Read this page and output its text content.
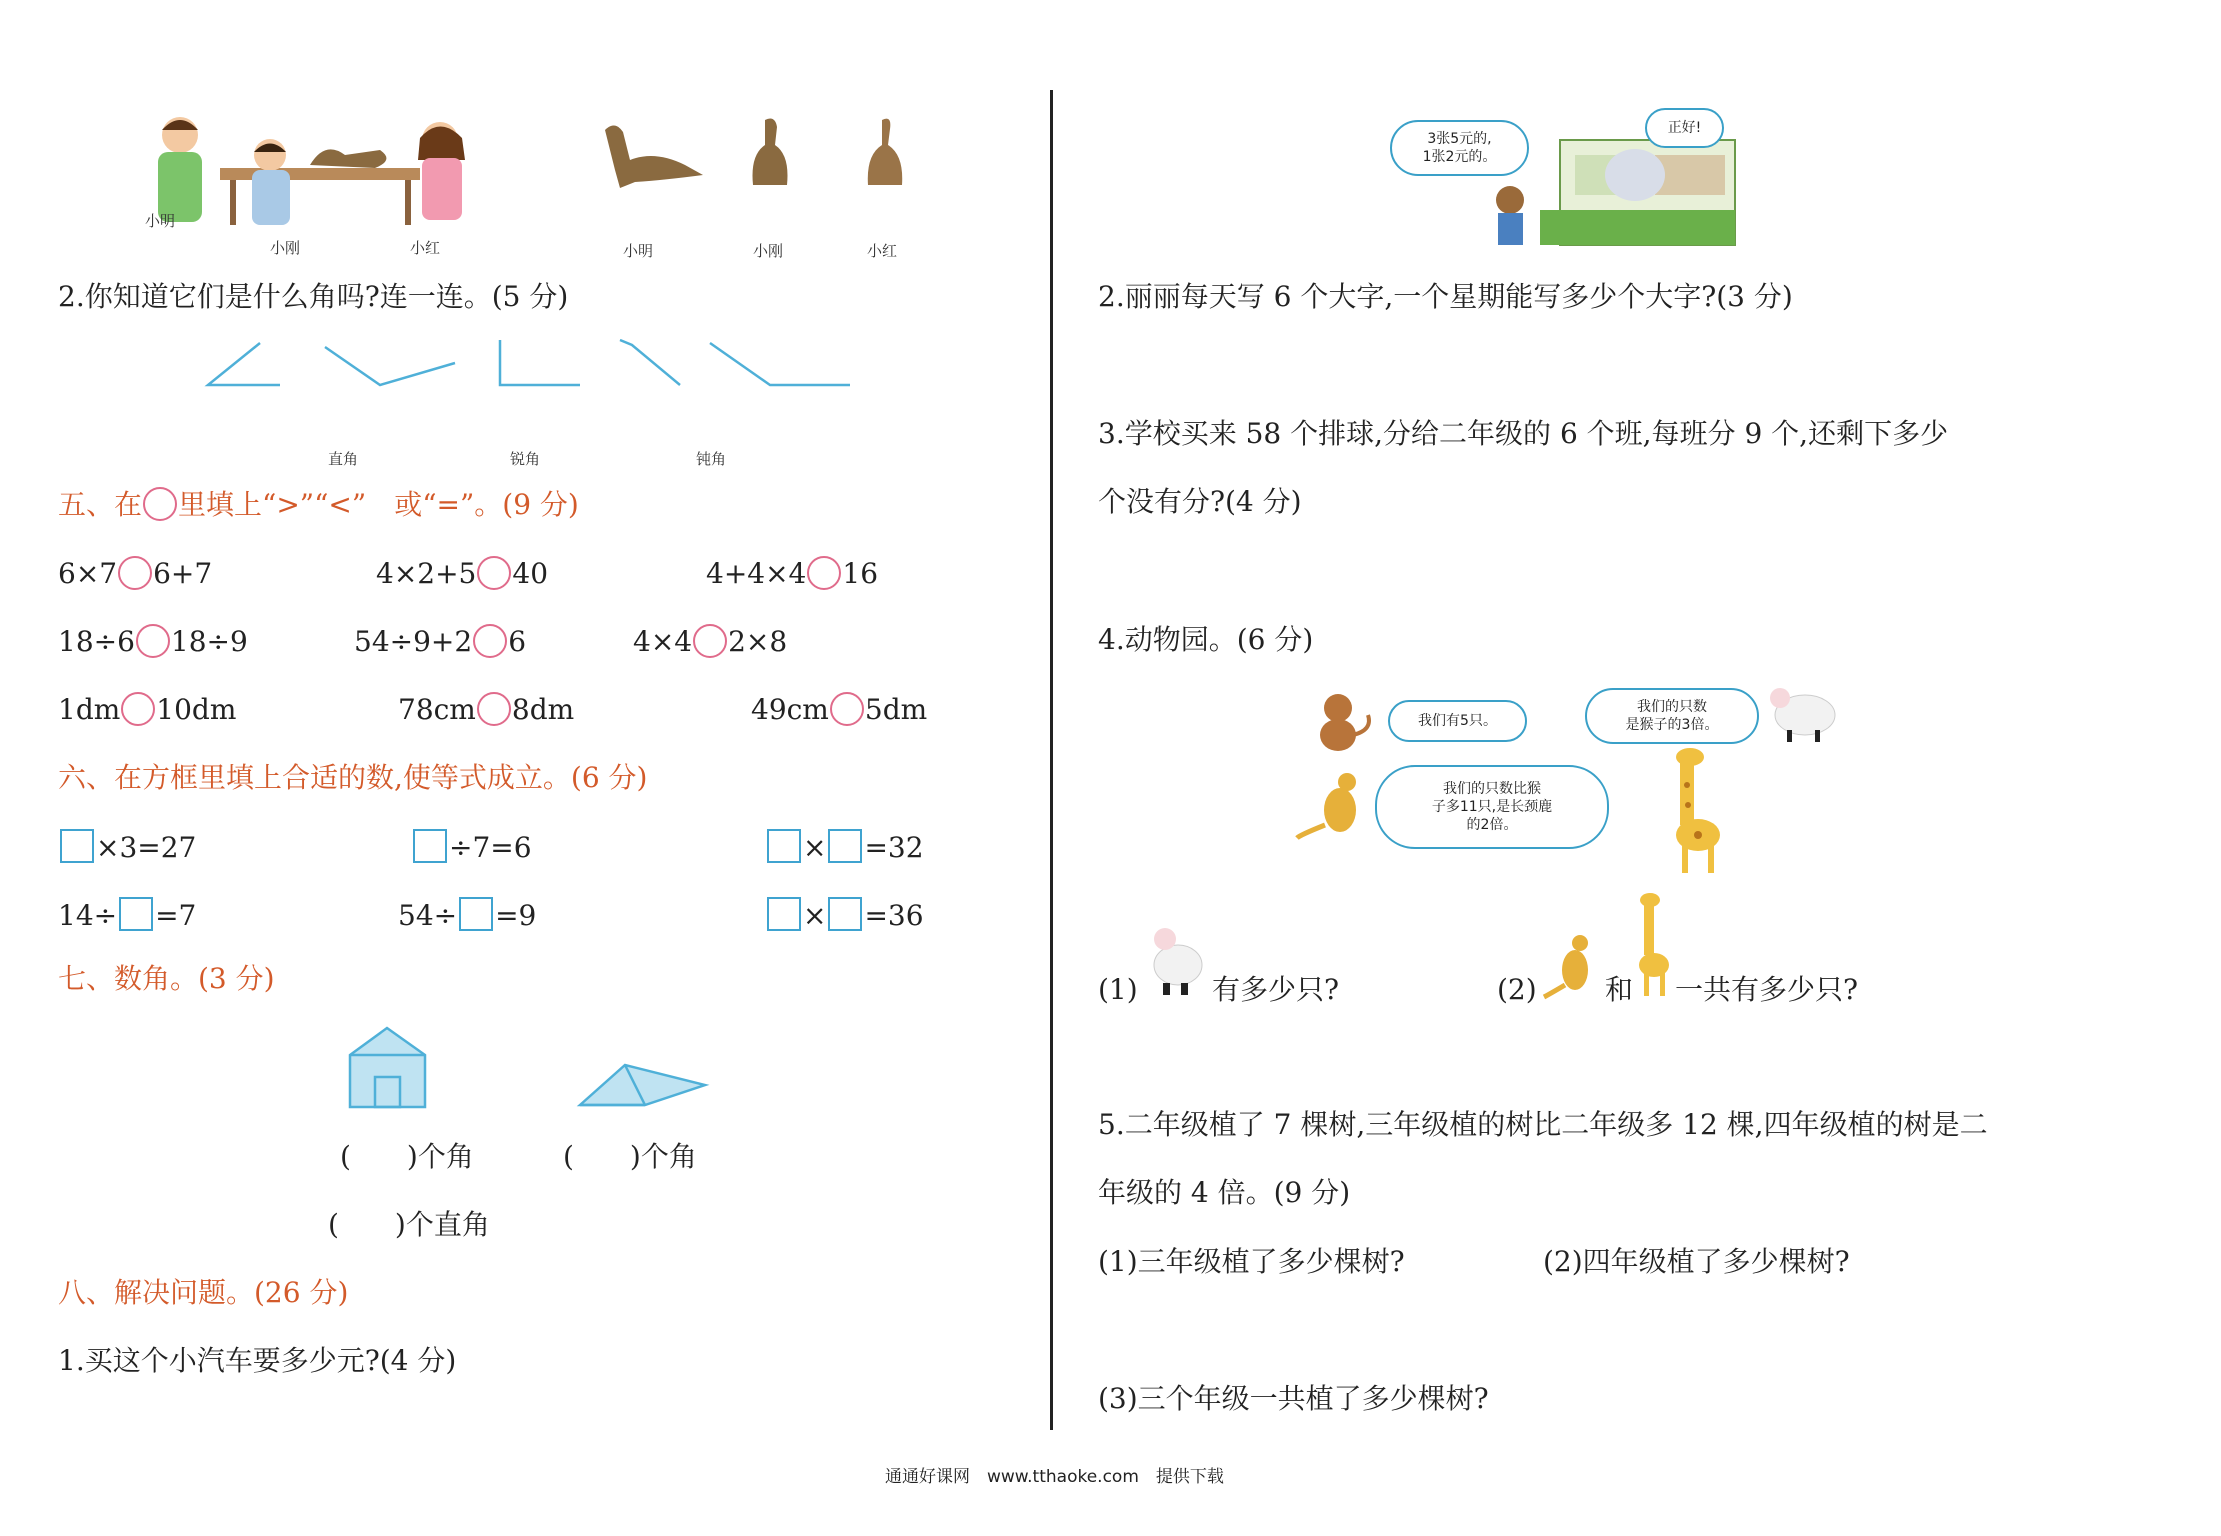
小明
小刚	小红	小明	小刚	小红
2.你知道它们是什么角吗?连一连。(5 分)
直角	锐角	钝角
五、在 里填上“>”“<”　或“=”。(9 分)
6×7 6+7	4×2+5 40	4+4×4 16
18÷6 18÷9	54÷9+2 6	4×4 2×8
1dm 10dm	78cm 8dm	49cm 5dm
六、在方框里填上合适的数,使等式成立。(6 分)
×3=27	÷7=6	× =32
14÷ =7	54÷ =9	× =36
七、数角。(3 分)
(　　)个角	(　　)个角
(　　)个直角
八、解决问题。(26 分)
1.买这个小汽车要多少元?(4 分)
3张5元的,
1张2元的。
正好!
2.丽丽每天写 6 个大字,一个星期能写多少个大字?(3 分)
3.学校买来 58 个排球,分给二年级的 6 个班,每班分 9 个,还剩下多少
个没有分?(4 分)
4.动物园。(6 分)
我们有5只。
我们的只数
是猴子的3倍。
我们的只数比猴
子多11只,是长颈鹿
的2倍。
(1)	有多少只?	(2) 和 一共有多少只?
5.二年级植了 7 棵树,三年级植的树比二年级多 12 棵,四年级植的树是二
年级的 4 倍。(9 分)
(1)三年级植了多少棵树?	(2)四年级植了多少棵树?
(3)三个年级一共植了多少棵树?
通通好课网　www.tthaoke.com　提供下载
